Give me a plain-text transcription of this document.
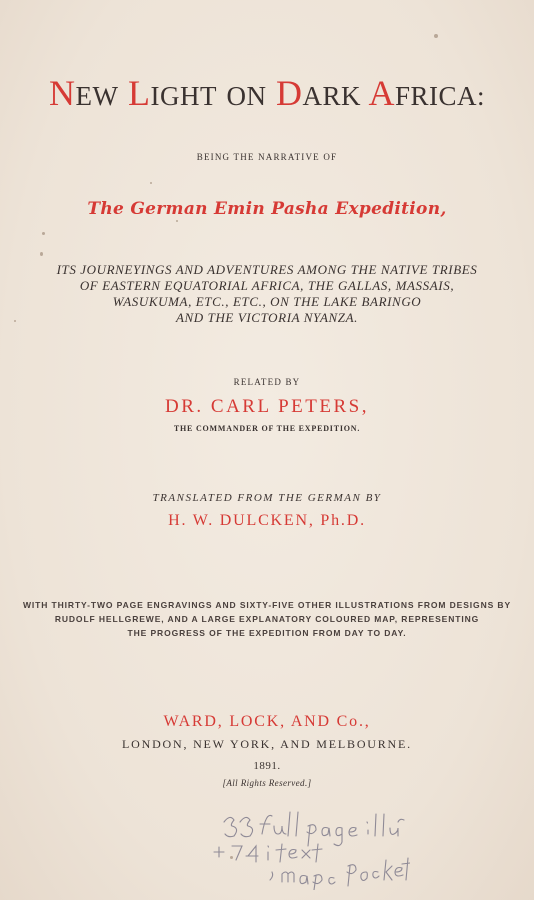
NEW LIGHT ON DARK AFRICA:
BEING THE NARRATIVE OF
The German Emin Pasha Expedition,
ITS JOURNEYINGS AND ADVENTURES AMONG THE NATIVE TRIBES
OF EASTERN EQUATORIAL AFRICA, THE GALLAS, MASSAIS,
WASUKUMA, ETC., ETC., ON THE LAKE BARINGO
AND THE VICTORIA NYANZA.
RELATED BY
DR. CARL PETERS,
THE COMMANDER OF THE EXPEDITION.
TRANSLATED FROM THE GERMAN BY
H. W. DULCKEN, Ph.D.
WITH THIRTY-TWO PAGE ENGRAVINGS AND SIXTY-FIVE OTHER ILLUSTRATIONS FROM DESIGNS BY
RUDOLF HELLGREWE, AND A LARGE EXPLANATORY COLOURED MAP, REPRESENTING
THE PROGRESS OF THE EXPEDITION FROM DAY TO DAY.
WARD, LOCK, AND Co.,
LONDON, NEW YORK, AND MELBOURNE.
1891.
[All Rights Reserved.]
